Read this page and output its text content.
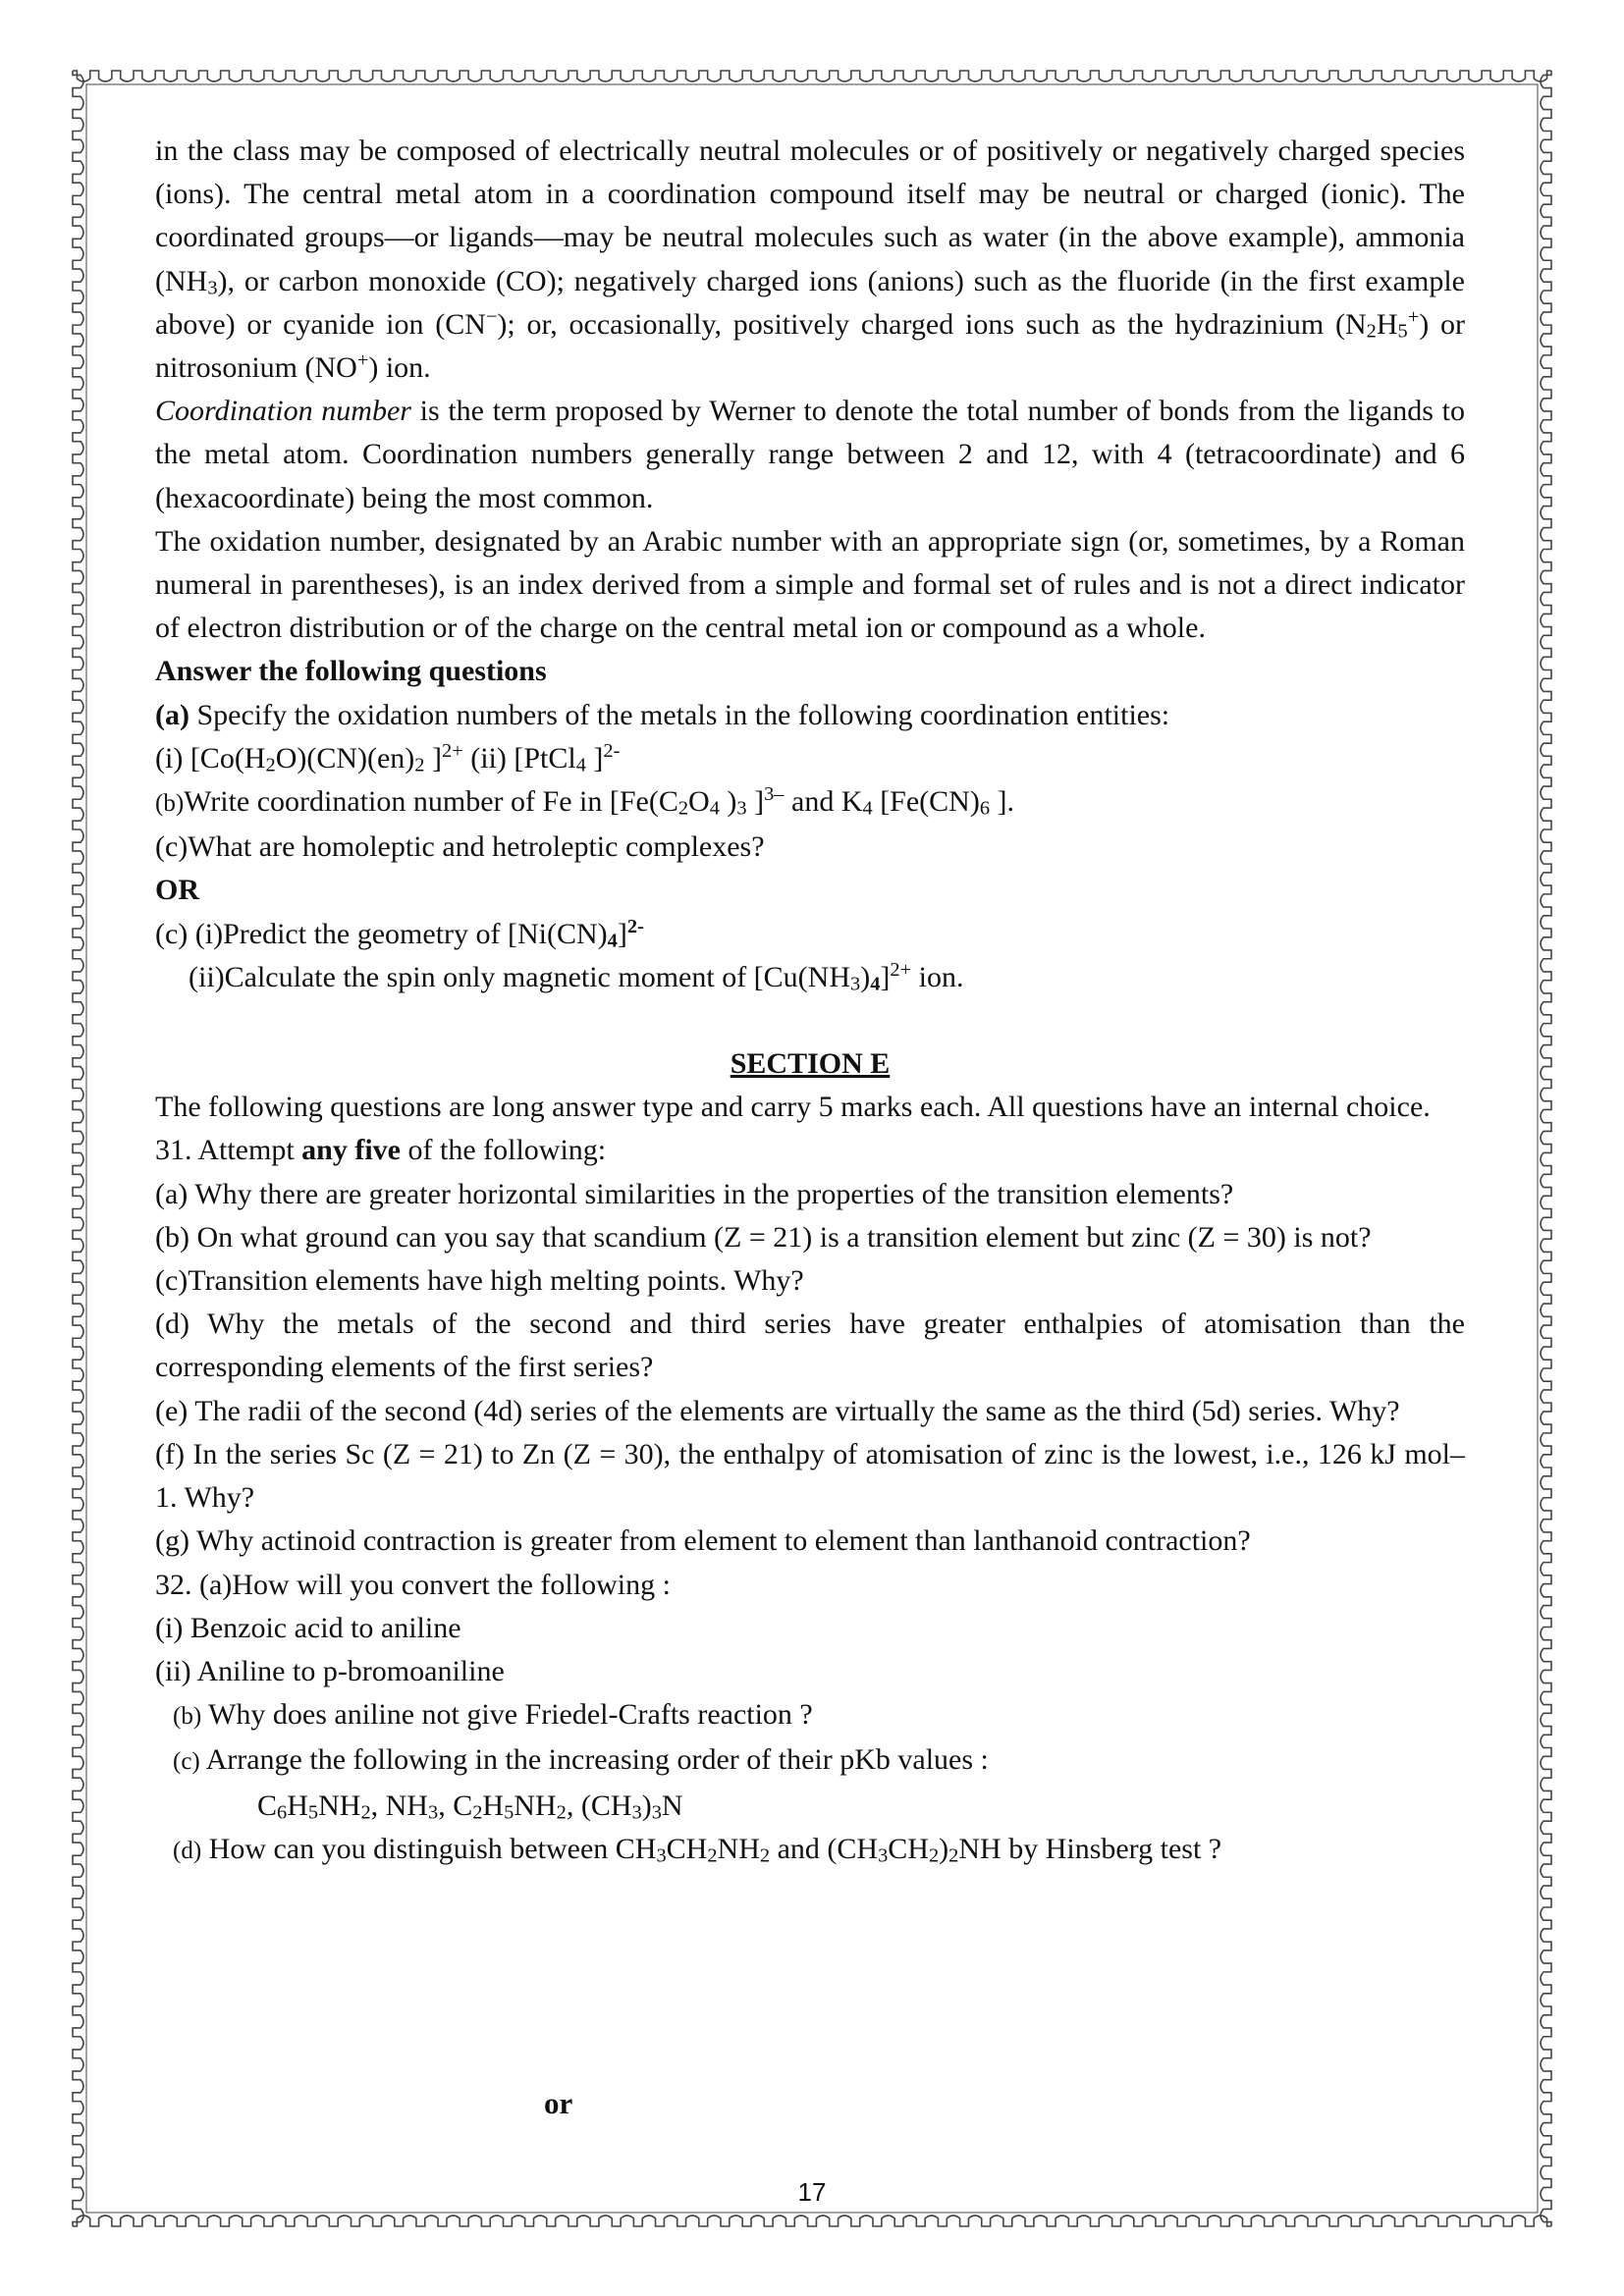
in the class may be composed of electrically neutral molecules or of positively or negatively charged species (ions). The central metal atom in a coordination compound itself may be neutral or charged (ionic). The coordinated groups—or ligands—may be neutral molecules such as water (in the above example), ammonia $(NH_3)$, or carbon monoxide (CO); negatively charged ions (anions) such as the fluoride (in the first example above) or cyanide ion (CN−); or, occasionally, positively charged ions such as the hydrazinium $(N_2H_5^+)$ or nitrosonium (NO+) ion.

Coordination number is the term proposed by Werner to denote the total number of bonds from the ligands to the metal atom. Coordination numbers generally range between 2 and 12, with 4 (tetracoordinate) and 6 (hexacoordinate) being the most common.

The oxidation number, designated by an Arabic number with an appropriate sign (or, sometimes, by a Roman numeral in parentheses), is an index derived from a simple and formal set of rules and is not a direct indicator of electron distribution or of the charge on the central metal ion or compound as a whole.

Answer the following questions

(a) Specify the oxidation numbers of the metals in the following coordination entities:

(i) [$Co(H_2O)(CN)(en)_2$ ]$^{2+}$ (ii) [PtCl$_4$ ]$^{2-}$

(b)Write coordination number of Fe in [$Fe(C_2O_4$ )$_3$ ]$^{3-}$ and $K_4$ [$Fe(CN)_6$ ].

(c)What are homoleptic and hetroleptic complexes?

OR

(c) (i)Predict the geometry of $[Ni(CN)_4]^{2-}$

(ii)Calculate the spin only magnetic moment of $[Cu(NH_3)_4]^{2+}$ ion.

SECTION E

The following questions are long answer type and carry 5 marks each. All questions have an internal choice.

31. Attempt any five of the following:

(a) Why there are greater horizontal similarities in the properties of the transition elements?

(b) On what ground can you say that scandium (Z = 21) is a transition element but zinc (Z = 30) is not?

(c)Transition elements have high melting points. Why?

(d) Why the metals of the second and third series have greater enthalpies of atomisation than the corresponding elements of the first series?

(e) The radii of the second (4d) series of the elements are virtually the same as the third (5d) series. Why?

(f) In the series Sc (Z = 21) to Zn (Z = 30), the enthalpy of atomisation of zinc is the lowest, i.e., 126 kJ mol–1. Why?

(g) Why actinoid contraction is greater from element to element than lanthanoid contraction?

32. (a)How will you convert the following :

(i) Benzoic acid to aniline

(ii) Aniline to p-bromoaniline

(b) Why does aniline not give Friedel-Crafts reaction ?

(c) Arrange the following in the increasing order of their pKb values :

$C_6H_5NH_2$, $NH_3$, $C_2H_5NH_2$, $(CH_3)_3N$

(d) How can you distinguish between $CH_3CH_2NH_2$ and $(CH_3CH_2)_2NH$ by Hinsberg test ?

or
17
